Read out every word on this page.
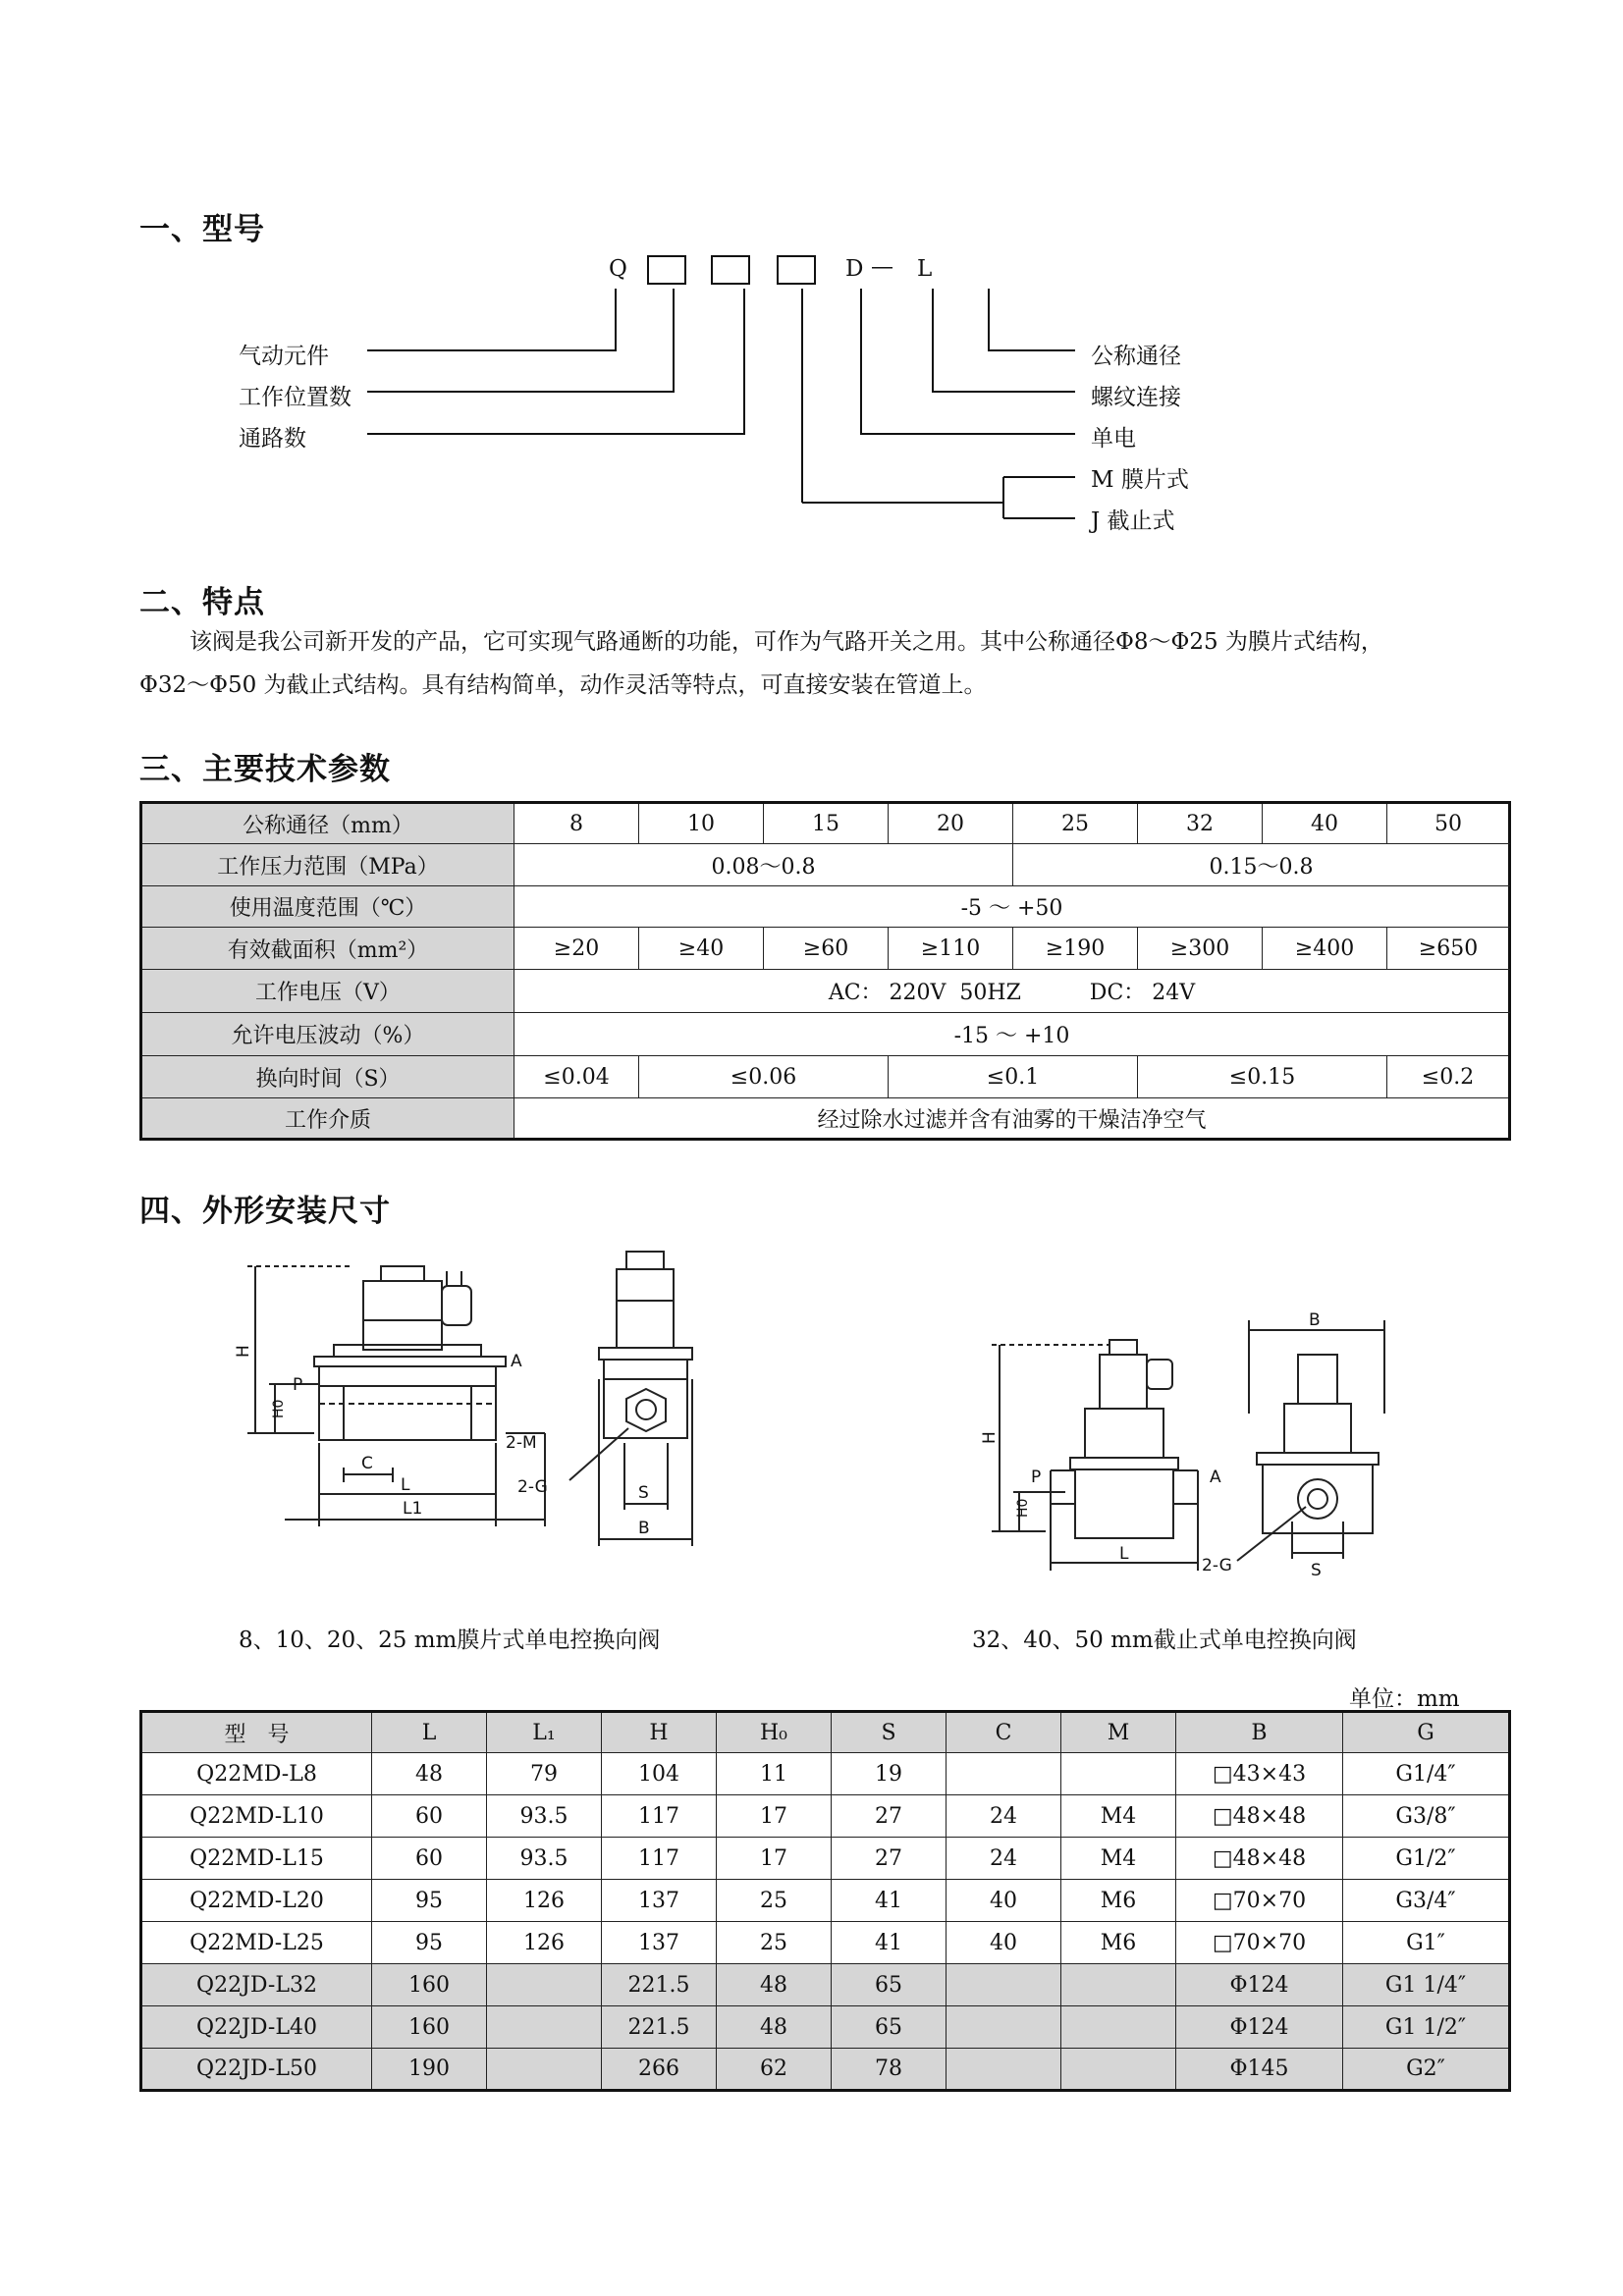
一、型号
Q	D — L
气动元件
工作位置数
通路数
公称通径
螺纹连接
单电
M 膜片式
J 截止式
二、特点
该阀是我公司新开发的产品，它可实现气路通断的功能，可作为气路开关之用。其中公称通径Φ8～Φ25 为膜片式结构，
Φ32～Φ50 为截止式结构。具有结构简单，动作灵活等特点，可直接安装在管道上。
三、主要技术参数
公称通径（mm）	8	10	15	20	25	32	40	50
工作压力范围（MPa）	0.08～0.8				0.15～0.8			
使用温度范围（℃）	-5 ～ +50							
有效截面积（mm²）	≥20	≥40	≥60	≥110	≥190	≥300	≥400	≥650
工作电压（V）	AC： 220V  50HZ          DC： 24V							
允许电压波动（%）	-15 ～ +10							
换向时间（S）	≤0.04	≤0.06		≤0.1		≤0.15		≤0.2
工作介质	经过除水过滤并含有油雾的干燥洁净空气							
四、外形安装尺寸
H
H0
P
A
2-M
C
L
L1
2-G	S
B
H
H0
P	A
L
2-G	S
B
8、10、20、25 mm膜片式单电控换向阀	32、40、50 mm截止式单电控换向阀
单位：mm
型　号	L	L₁	H	H₀	S	C	M	B	G
Q22MD-L8	48	79	104	11	19			□43×43	G1/4″
Q22MD-L10	60	93.5	117	17	27	24	M4	□48×48	G3/8″
Q22MD-L15	60	93.5	117	17	27	24	M4	□48×48	G1/2″
Q22MD-L20	95	126	137	25	41	40	M6	□70×70	G3/4″
Q22MD-L25	95	126	137	25	41	40	M6	□70×70	G1″
Q22JD-L32	160		221.5	48	65			Φ124	G1 1/4″
Q22JD-L40	160		221.5	48	65			Φ124	G1 1/2″
Q22JD-L50	190		266	62	78			Φ145	G2″
